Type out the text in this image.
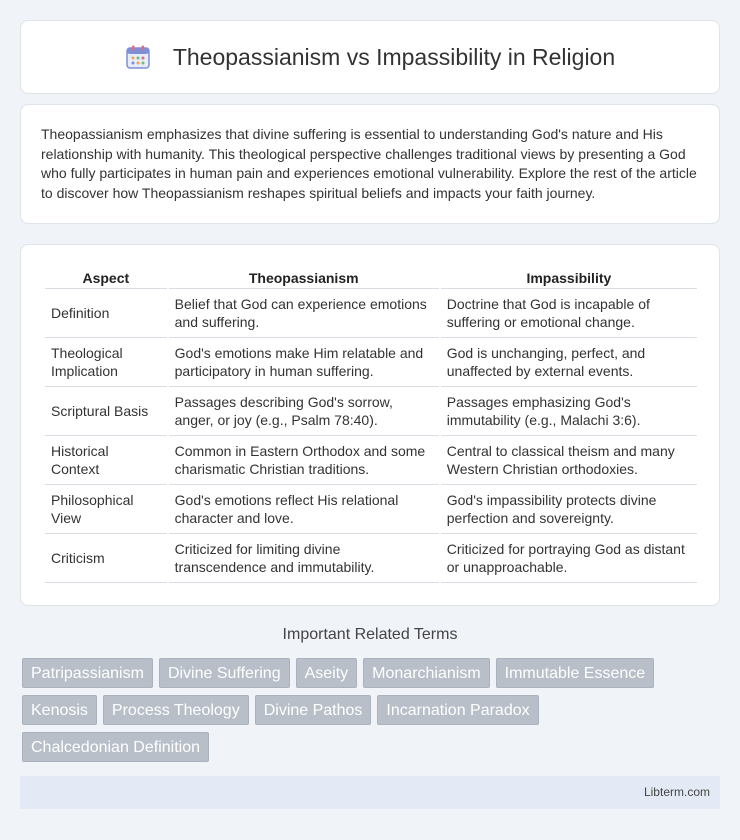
Theopassianism vs Impassibility in Religion

Theopassianism emphasizes that divine suffering is essential to understanding God's nature and His relationship with humanity. This theological perspective challenges traditional views by presenting a God who fully participates in human pain and experiences emotional vulnerability. Explore the rest of the article to discover how Theopassianism reshapes spiritual beliefs and impacts your faith journey.

Aspect	Theopassianism	Impassibility
Definition	Belief that God can experience emotions and suffering.	Doctrine that God is incapable of suffering or emotional change.
Theological Implication	God's emotions make Him relatable and participatory in human suffering.	God is unchanging, perfect, and unaffected by external events.
Scriptural Basis	Passages describing God's sorrow, anger, or joy (e.g., Psalm 78:40).	Passages emphasizing God's immutability (e.g., Malachi 3:6).
Historical Context	Common in Eastern Orthodox and some charismatic Christian traditions.	Central to classical theism and many Western Christian orthodoxies.
Philosophical View	God's emotions reflect His relational character and love.	God's impassibility protects divine perfection and sovereignty.
Criticism	Criticized for limiting divine transcendence and immutability.	Criticized for portraying God as distant or unapproachable.
Important Related Terms
Patripassianism	Divine Suffering	Aseity	Monarchianism	Immutable Essence
Kenosis	Process Theology	Divine Pathos	Incarnation Paradox
Chalcedonian Definition
Libterm.com
